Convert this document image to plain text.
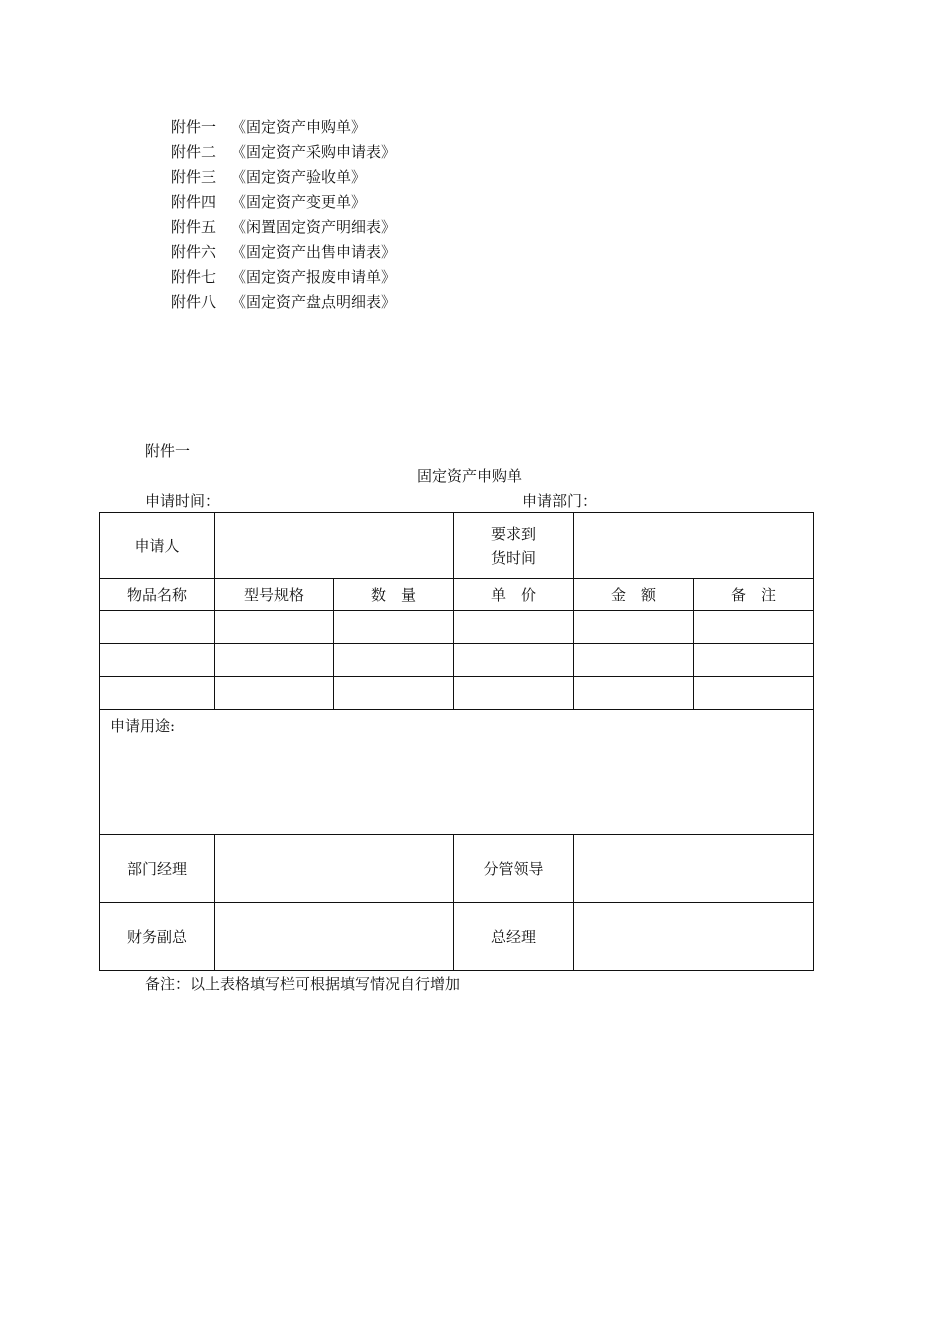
附件一 《固定资产申购单》
附件二 《固定资产采购申请表》
附件三 《固定资产验收单》
附件四 《固定资产变更单》
附件五 《闲置固定资产明细表》
附件六 《固定资产出售申请表》
附件七 《固定资产报废申请单》
附件八 《固定资产盘点明细表》
附件一
固定资产申购单
申请时间：	申请部门：
申请人			要求到
货时间		

物品名称	型号规格	数　量	单　价	金　额	备　注

申请用途:					
部门经理			分管领导		
财务副总			总经理		
备注：以上表格填写栏可根据填写情况自行增加
